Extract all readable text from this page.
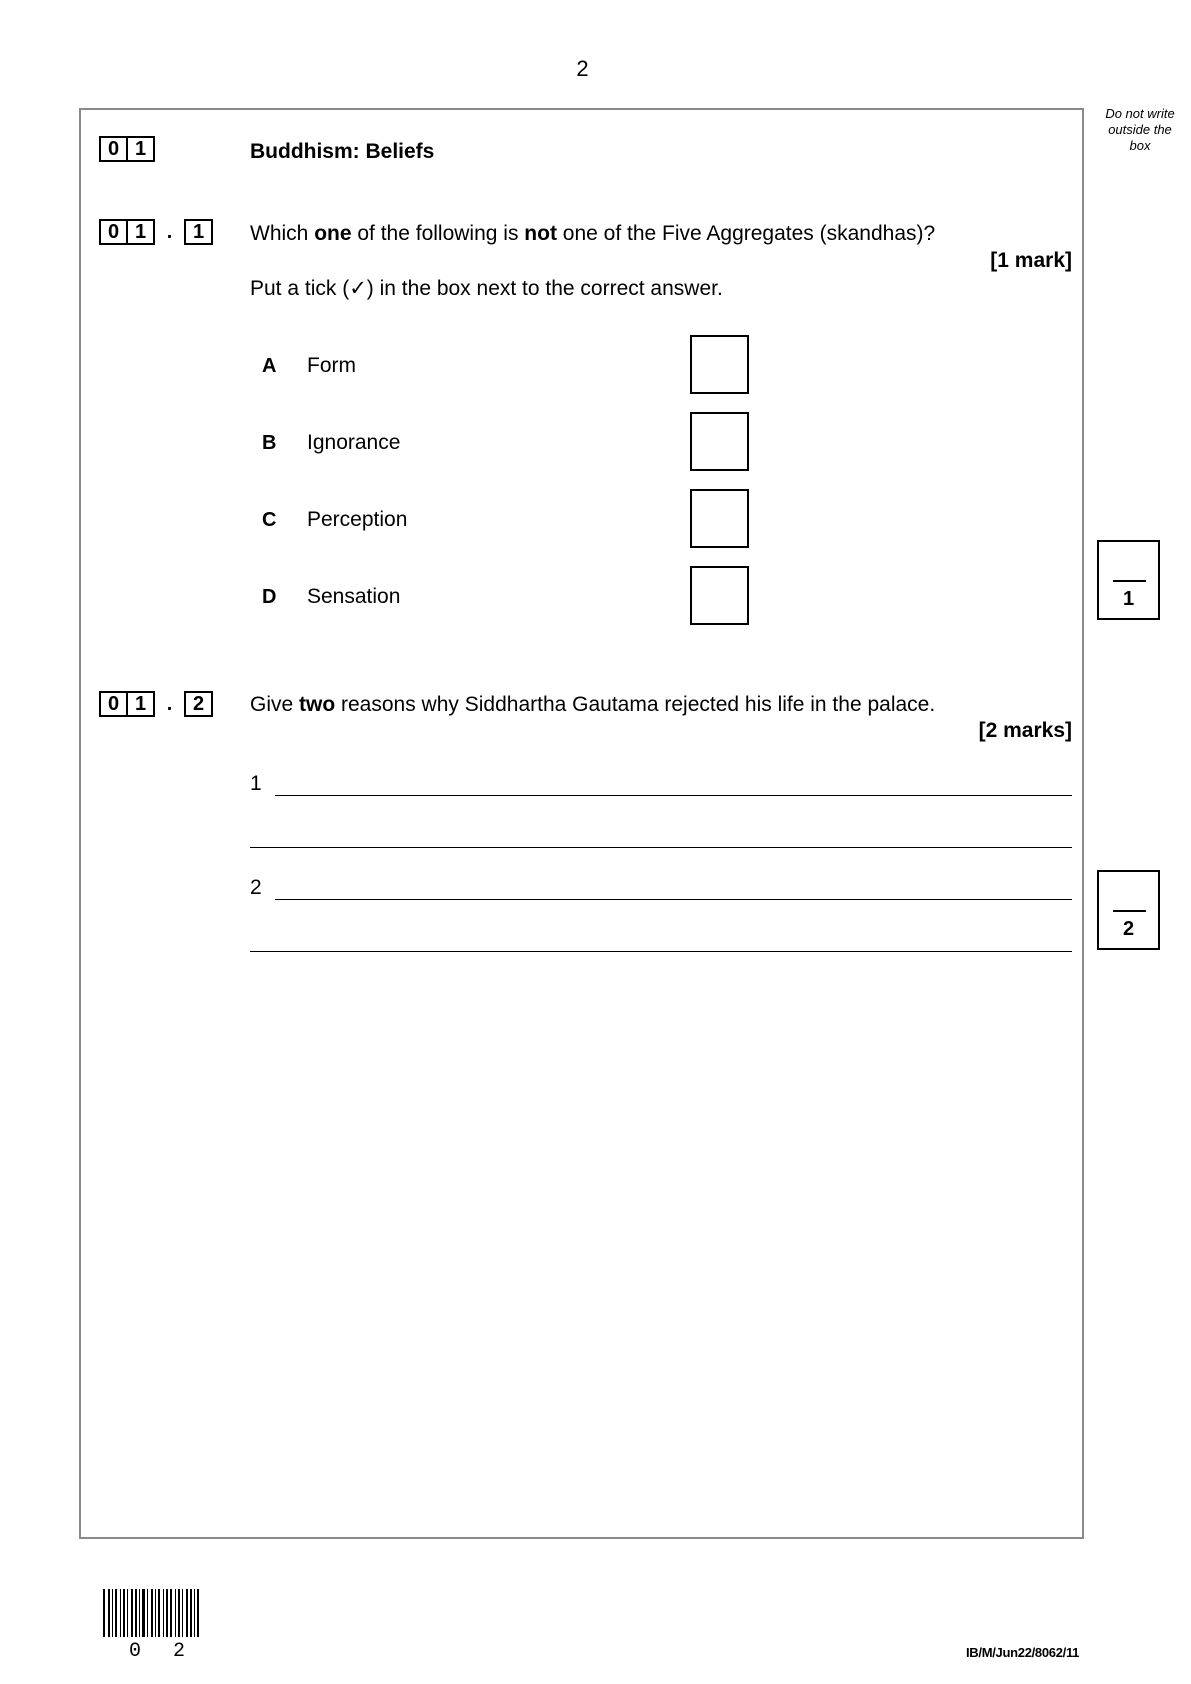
2
Do not write
outside the
box
0 1	Buddhism: Beliefs
0 1	.	1	Which one of the following is not one of the Five Aggregates (skandhas)?
[1 mark]
Put a tick (✓) in the box next to the correct answer.
A Form
B Ignorance
C Perception
D Sensation	1
0 1	.	2	Give two reasons why Siddhartha Gautama rejected his life in the palace.
[2 marks]
1
2
2
0 2	IB/M/Jun22/8062/11
